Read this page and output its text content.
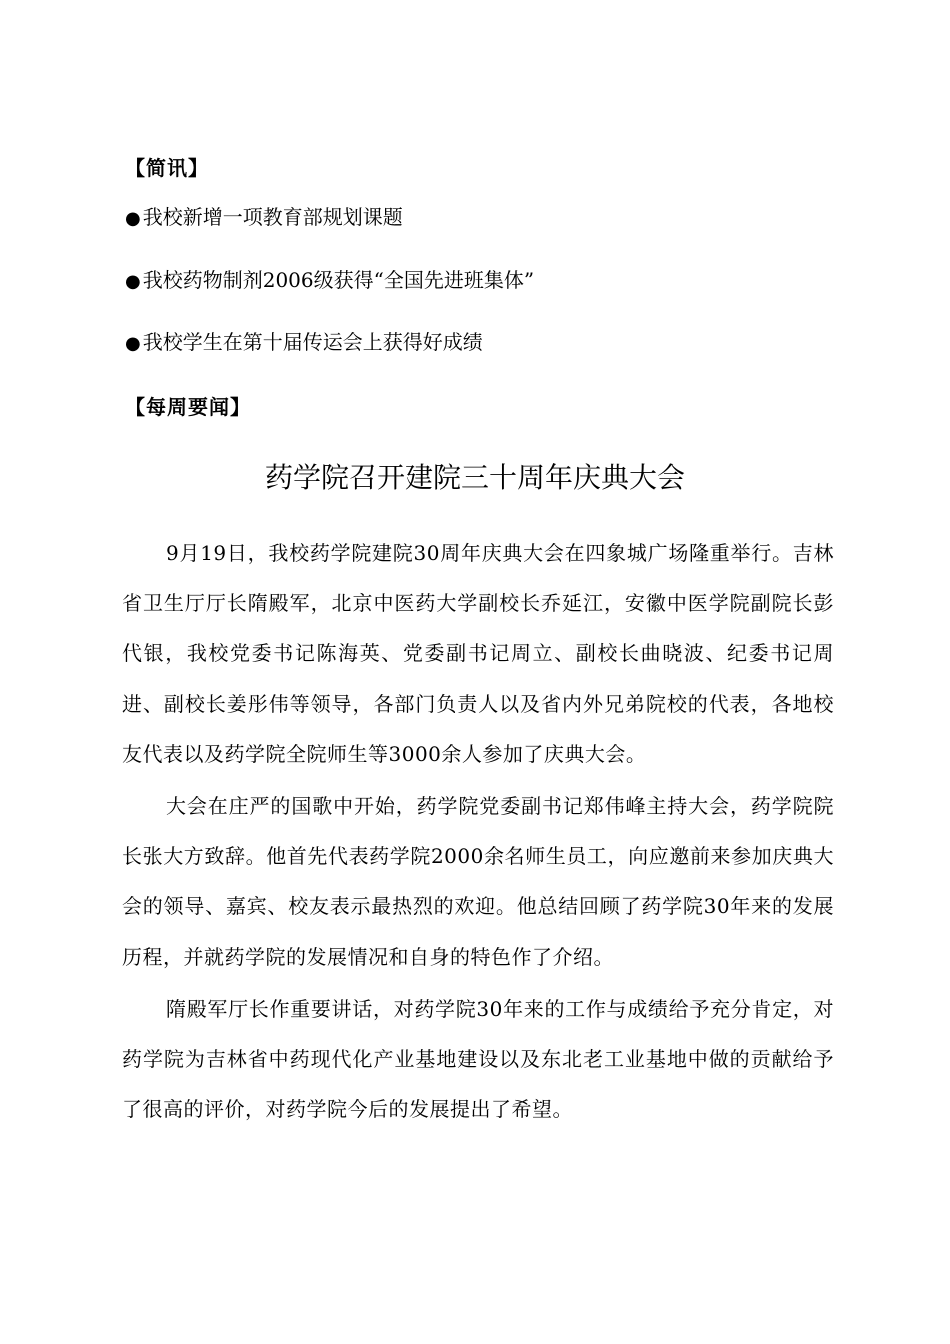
【简讯】
● 我校新增一项教育部规划课题
● 我校药物制剂2006级获得“全国先进班集体”
● 我校学生在第十届传运会上获得好成绩
【每周要闻】
药学院召开建院三十周年庆典大会

9月19日，我校药学院建院30周年庆典大会在四象城广场隆重举行。吉林省卫生厅厅长隋殿军，北京中医药大学副校长乔延江，安徽中医学院副院长彭代银，我校党委书记陈海英、党委副书记周立、副校长曲晓波、纪委书记周进、副校长姜彤伟等领导，各部门负责人以及省内外兄弟院校的代表，各地校友代表以及药学院全院师生等3000余人参加了庆典大会。

大会在庄严的国歌中开始，药学院党委副书记郑伟峰主持大会，药学院院长张大方致辞。他首先代表药学院2000余名师生员工，向应邀前来参加庆典大会的领导、嘉宾、校友表示最热烈的欢迎。他总结回顾了药学院30年来的发展历程，并就药学院的发展情况和自身的特色作了介绍。

隋殿军厅长作重要讲话，对药学院30年来的工作与成绩给予充分肯定，对药学院为吉林省中药现代化产业基地建设以及东北老工业基地中做的贡献给予了很高的评价，对药学院今后的发展提出了希望。
